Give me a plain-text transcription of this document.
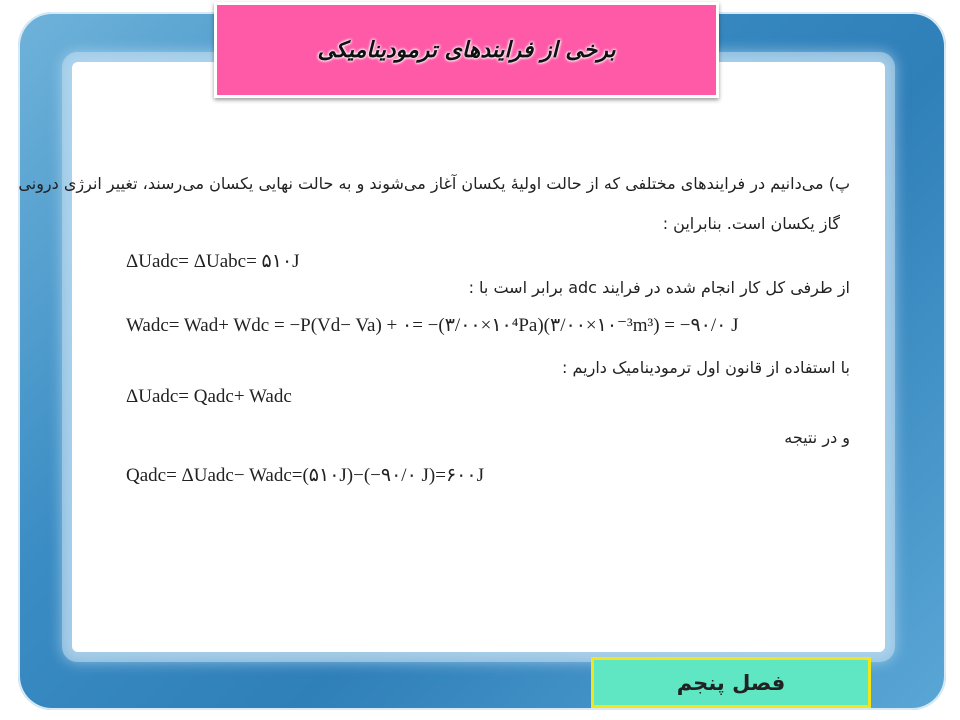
برخی از فرایندهای ترمودینامیکی
پ) می‌دانیم در فرایندهای مختلفی که از حالت اولیهٔ یکسان آغاز می‌شوند و به حالت نهایی یکسان می‌رسند، تغییر انرژی درونی
گاز یکسان است. بنابراین :
ΔUadc= ΔUabc= ۵۱۰J
از طرفی کل کار انجام شده در فرایند adc برابر است با :
Wadc= Wad+ Wdc = −P(Vd− Va) + ۰= −(۳/۰۰×۱۰⁴Pa)(۳/۰۰×۱۰⁻³m³) = −۹۰/۰ J
با استفاده از قانون اول ترمودینامیک داریم :
ΔUadc= Qadc+ Wadc
و در نتیجه
Qadc= ΔUadc− Wadc=(۵۱۰J)−(−۹۰/۰ J)=۶۰۰J
فصل پنجم
